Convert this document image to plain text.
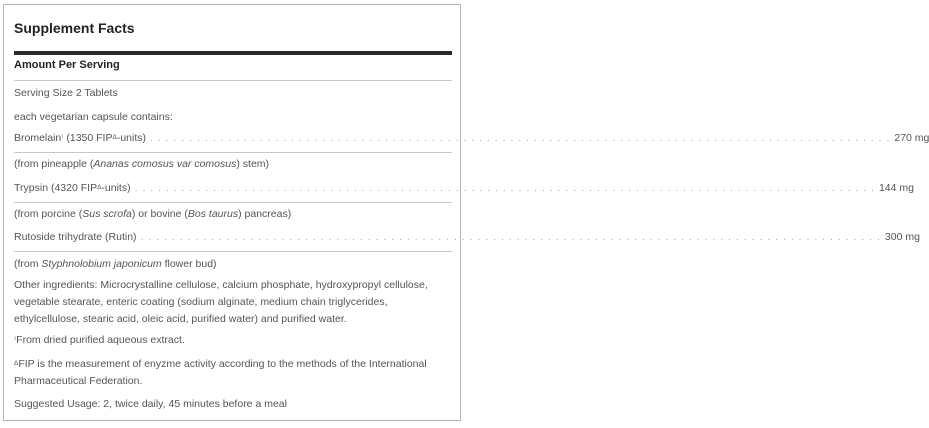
Supplement Facts
Amount Per Serving
Serving Size 2 Tablets
each vegetarian capsule contains:
Bromelain$^{^1}$ (1350 $FIP^\Delta-units$) . . . . . . . . . . . . . . . . . . . . . . . . . . . . . . . . . . . . . . . . . . . . . . . . . . . . . . . . . . . . . . . . . . . . . . . . . . . . . . . . . . . . . . . . . . . . . . . 270 mg
(from pineapple (Ananas comosus var comosus) stem)
Trypsin (4320 $FIP^\Delta-units$) . . . . . . . . . . . . . . . . . . . . . . . . . . . . . . . . . . . . . . . . . . . . . . . . . . . . . . . . . . . . . . . . . . . . . . . . . . . . . . . . . . . . . . . . . . . . . . . 144 mg
(from porcine (Sus scrofa) or bovine (Bos taurus) pancreas)
Rutoside trihydrate (Rutin) . . . . . . . . . . . . . . . . . . . . . . . . . . . . . . . . . . . . . . . . . . . . . . . . . . . . . . . . . . . . . . . . . . . . . . . . . . . . . . . . . . . . . . . . . . . . . . . 300 mg
(from Styphnolobium japonicum flower bud)
Other ingredients: Microcrystalline cellulose, calcium phosphate, hydroxypropyl cellulose, vegetable stearate, enteric coating (sodium alginate, medium chain triglycerides, ethylcellulose, stearic acid, oleic acid, purified water) and purified water.
$^{^1}$From dried purified aqueous extract.
$^\Delta$FIP is the measurement of enyzme activity according to the methods of the International Pharmaceutical Federation.
Suggested Usage: 2, twice daily, 45 minutes before a meal
